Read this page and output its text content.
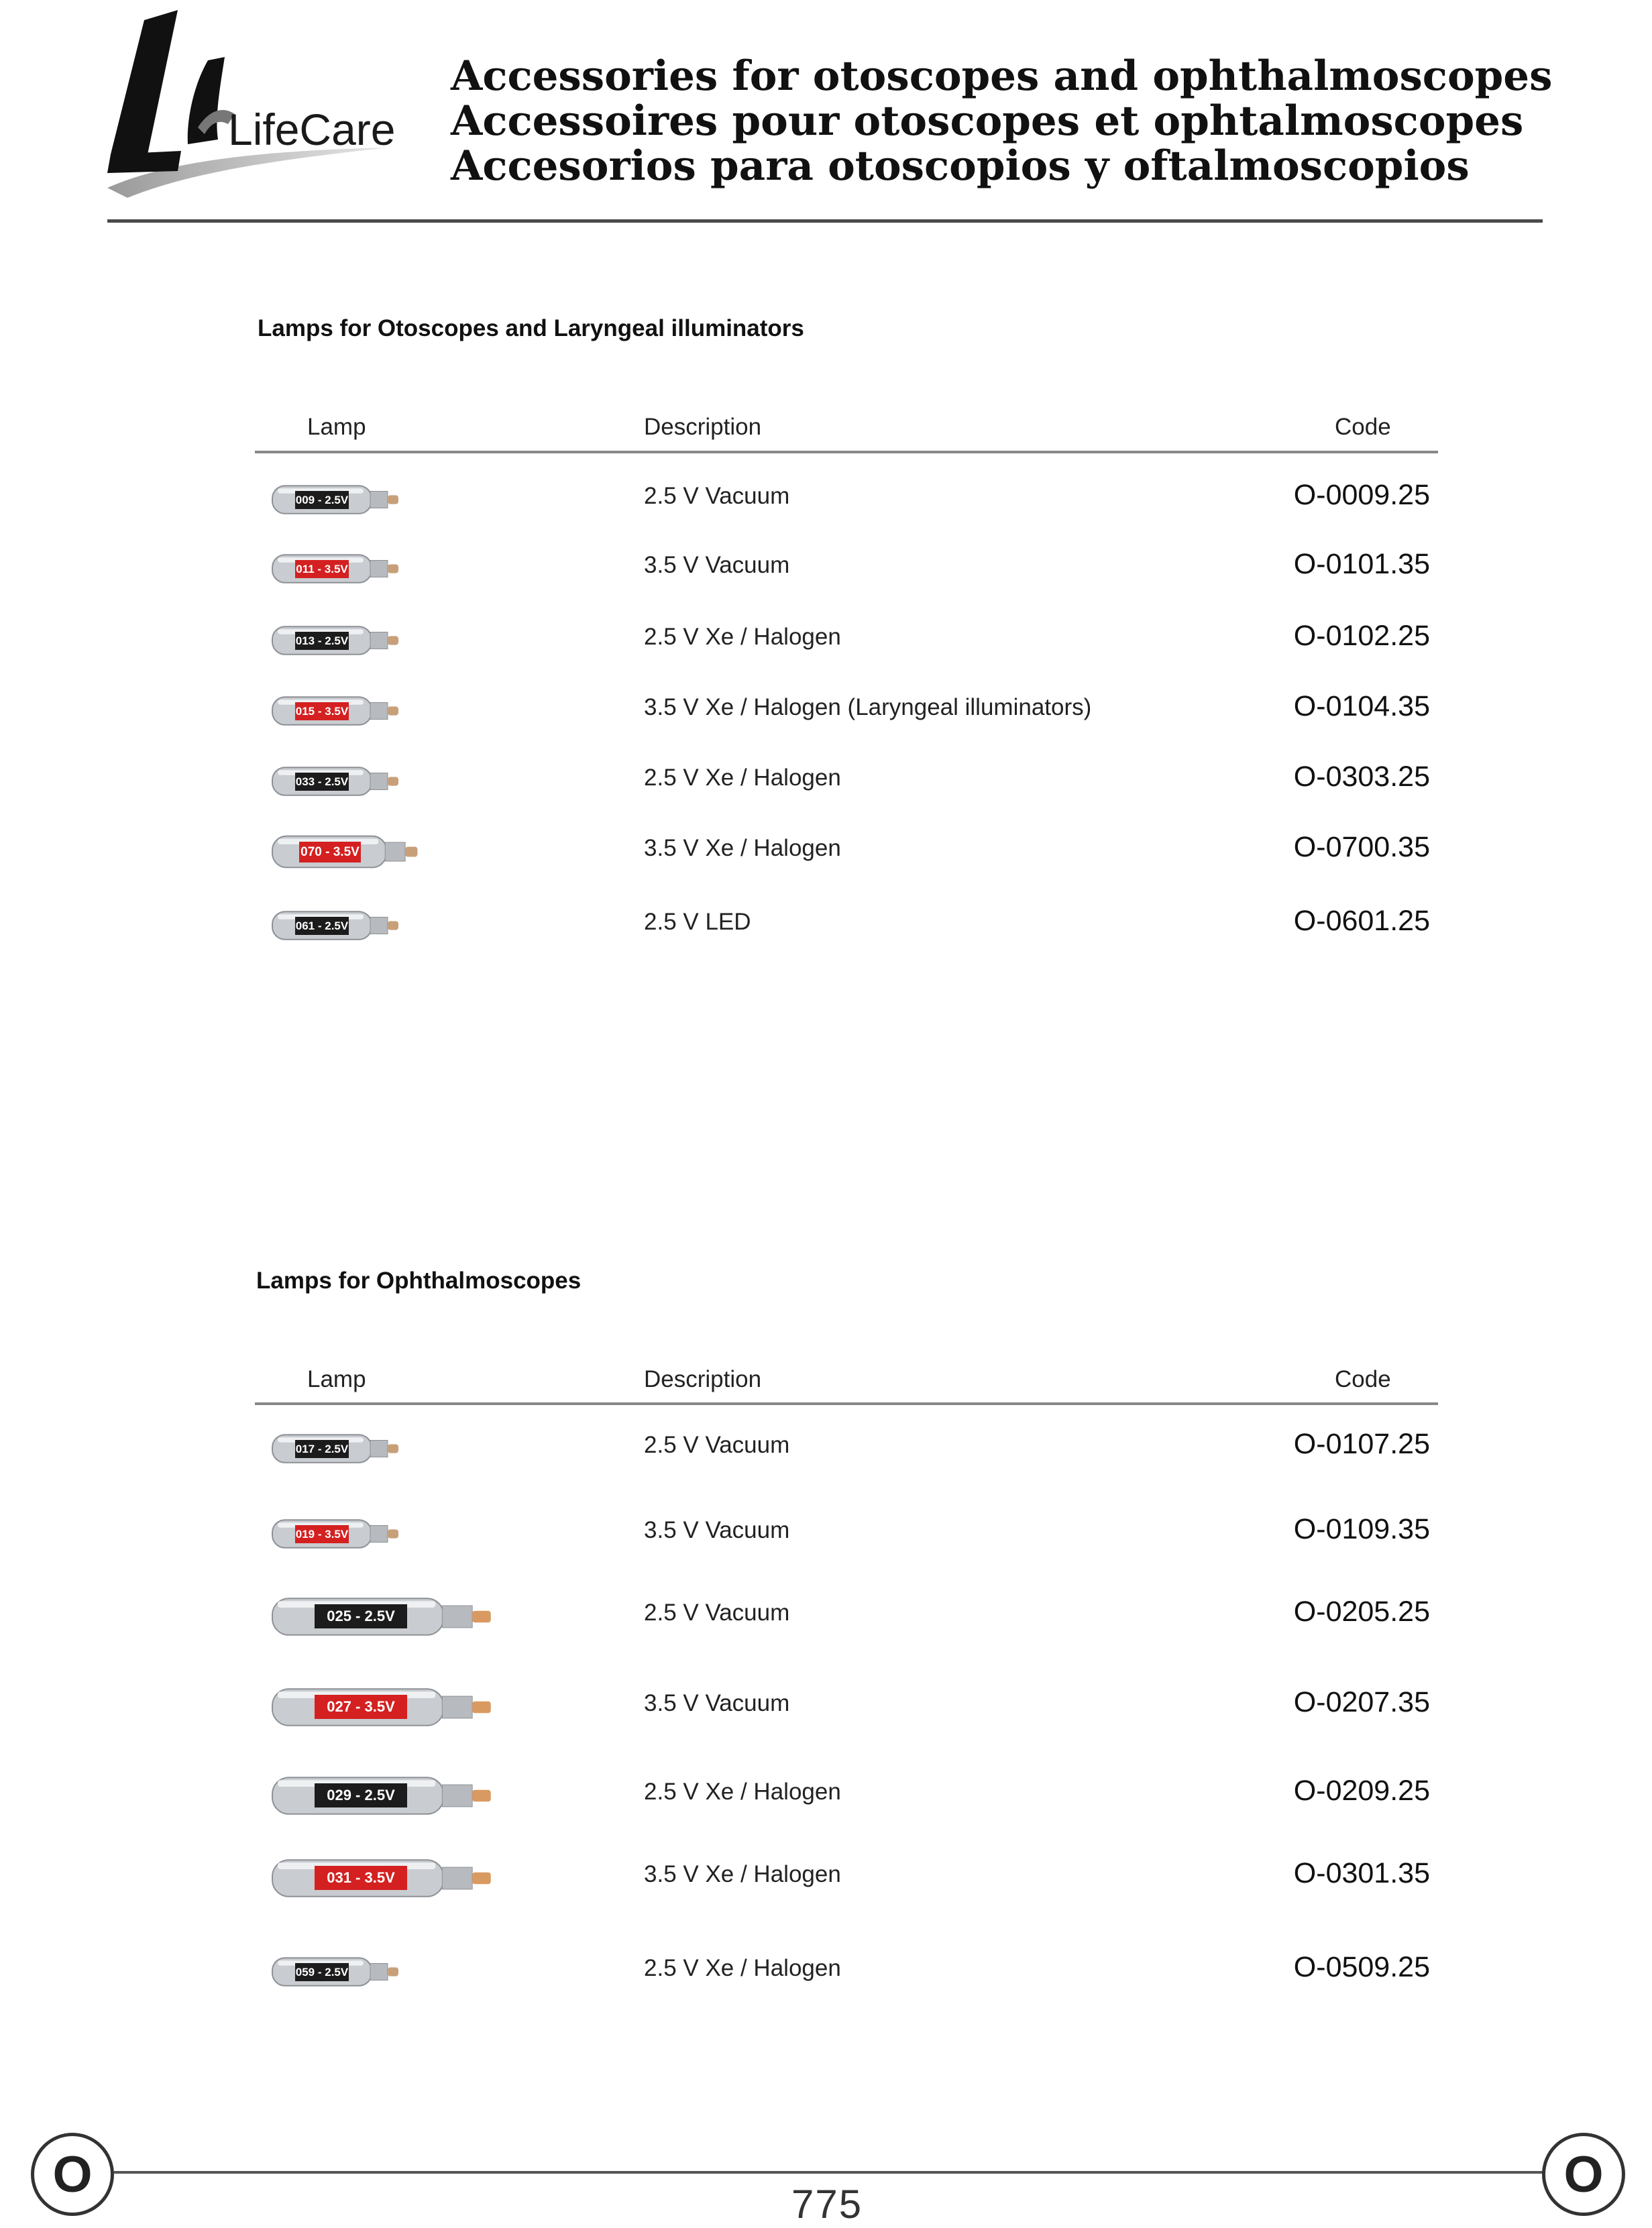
LifeCare
Accessories for otoscopes and ophthalmoscopes
Accessoires pour otoscopes et ophtalmoscopes
Accesorios para otoscopios y oftalmoscopios
Lamps for Otoscopes and Laryngeal illuminators
Lamp	Description	Code
009 - 2.5V	2.5 V Vacuum	O-0009.25
011 - 3.5V	3.5 V Vacuum	O-0101.35
013 - 2.5V	2.5 V Xe / Halogen	O-0102.25
015 - 3.5V	3.5 V Xe / Halogen (Laryngeal illuminators)	O-0104.35
033 - 2.5V	2.5 V Xe / Halogen	O-0303.25
070 - 3.5V	3.5 V Xe / Halogen	O-0700.35
061 - 2.5V	2.5 V LED	O-0601.25
Lamps for Ophthalmoscopes
Lamp	Description	Code
017 - 2.5V	2.5 V Vacuum	O-0107.25
019 - 3.5V	3.5 V Vacuum	O-0109.35
025 - 2.5V	2.5 V Vacuum	O-0205.25
027 - 3.5V	3.5 V Vacuum	O-0207.35
029 - 2.5V	2.5 V Xe / Halogen	O-0209.25
031 - 3.5V	3.5 V Xe / Halogen	O-0301.35
059 - 2.5V	2.5 V Xe / Halogen	O-0509.25
O	O
775
